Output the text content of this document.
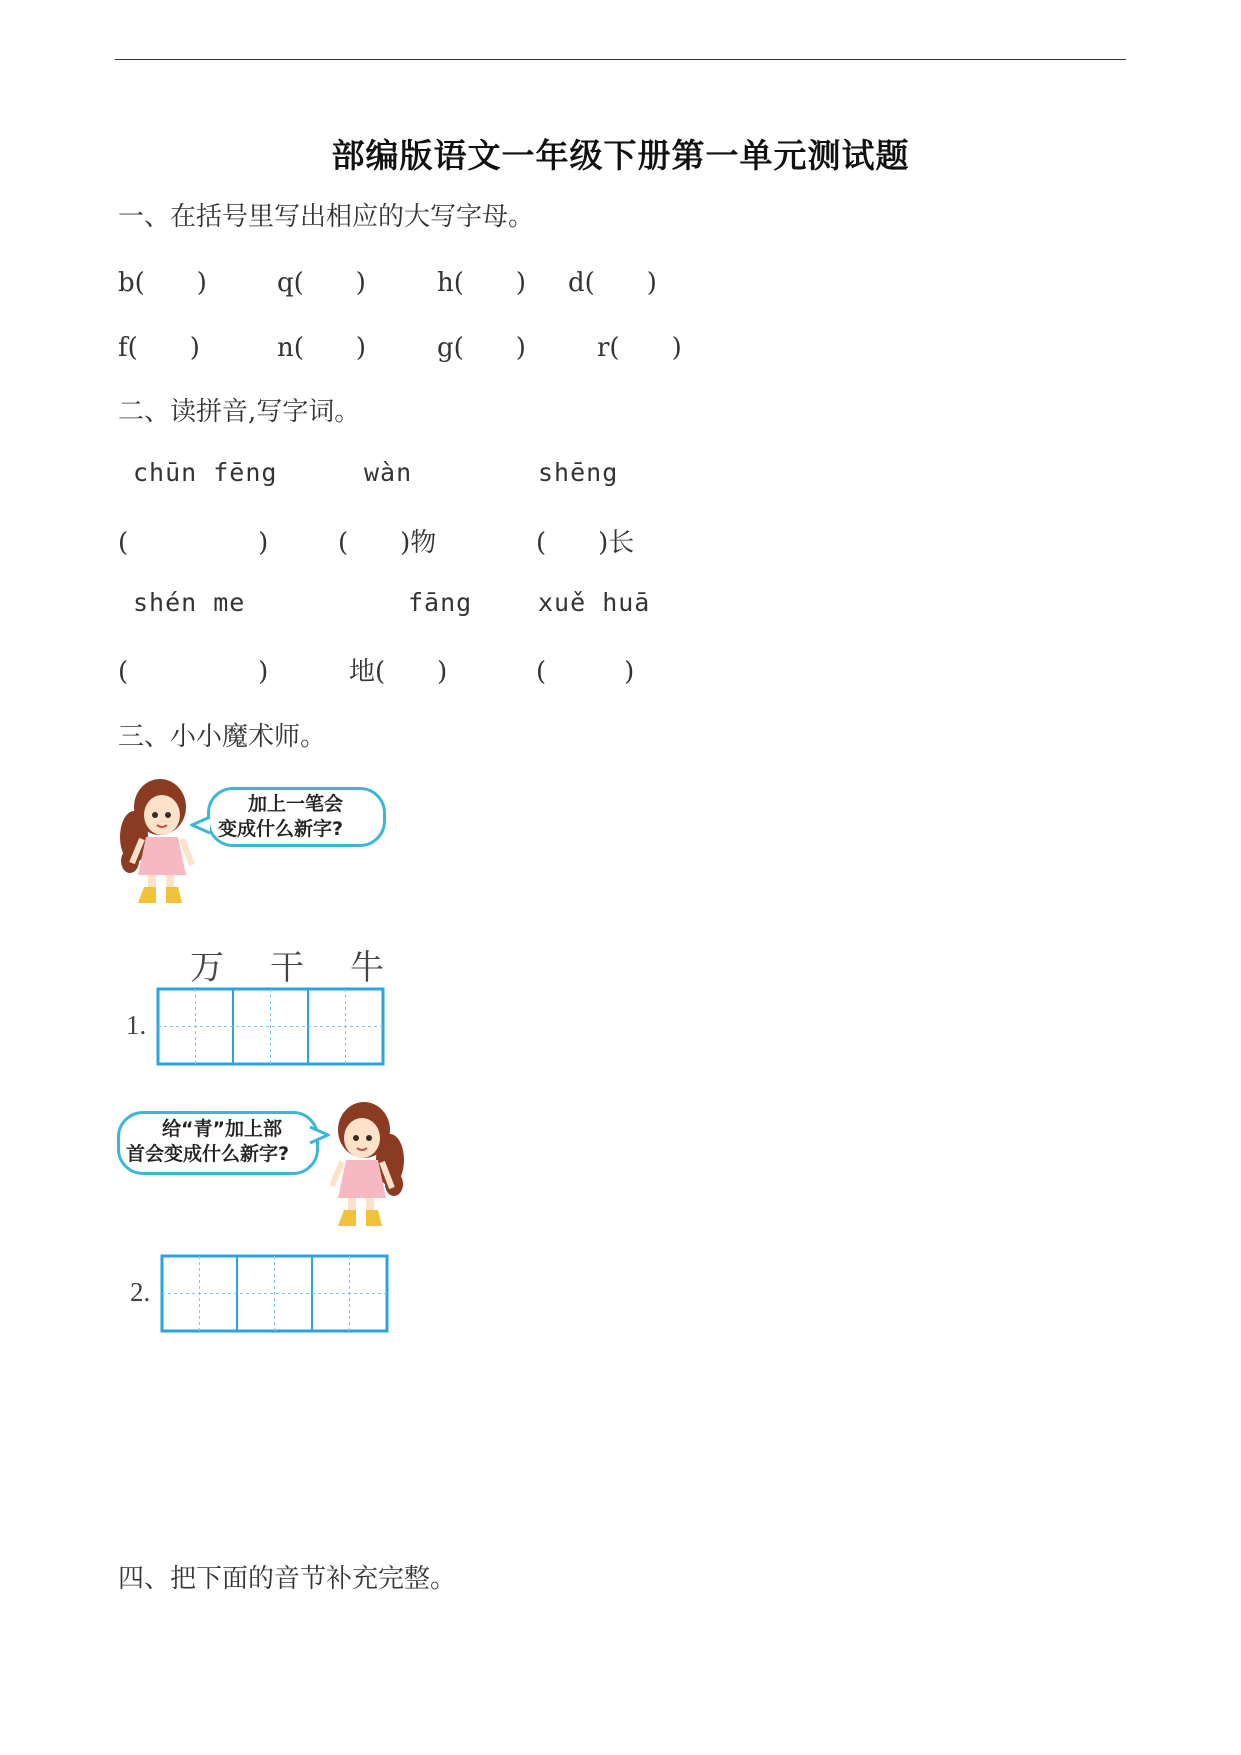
部编版语文一年级下册第一单元测试题
一、在括号里写出相应的大写字母。
b(　　)	q(　　)	h(　　) d(　　)
f(　　)	n(　　)	g(　　)	r(　　)
二、读拼音,写字词。
chūn fēng	wàn	shēng
(　　　　　)	(　　)物	(　　)长
shén me	fāng	xuě huā
(　　　　　)	地(　　)	(　　　)
三、小小魔术师。
加上一笔会
变成什么新字?
万 干 牛
1.
给“青”加上部
首会变成什么新字?
2.
四、把下面的音节补充完整。
